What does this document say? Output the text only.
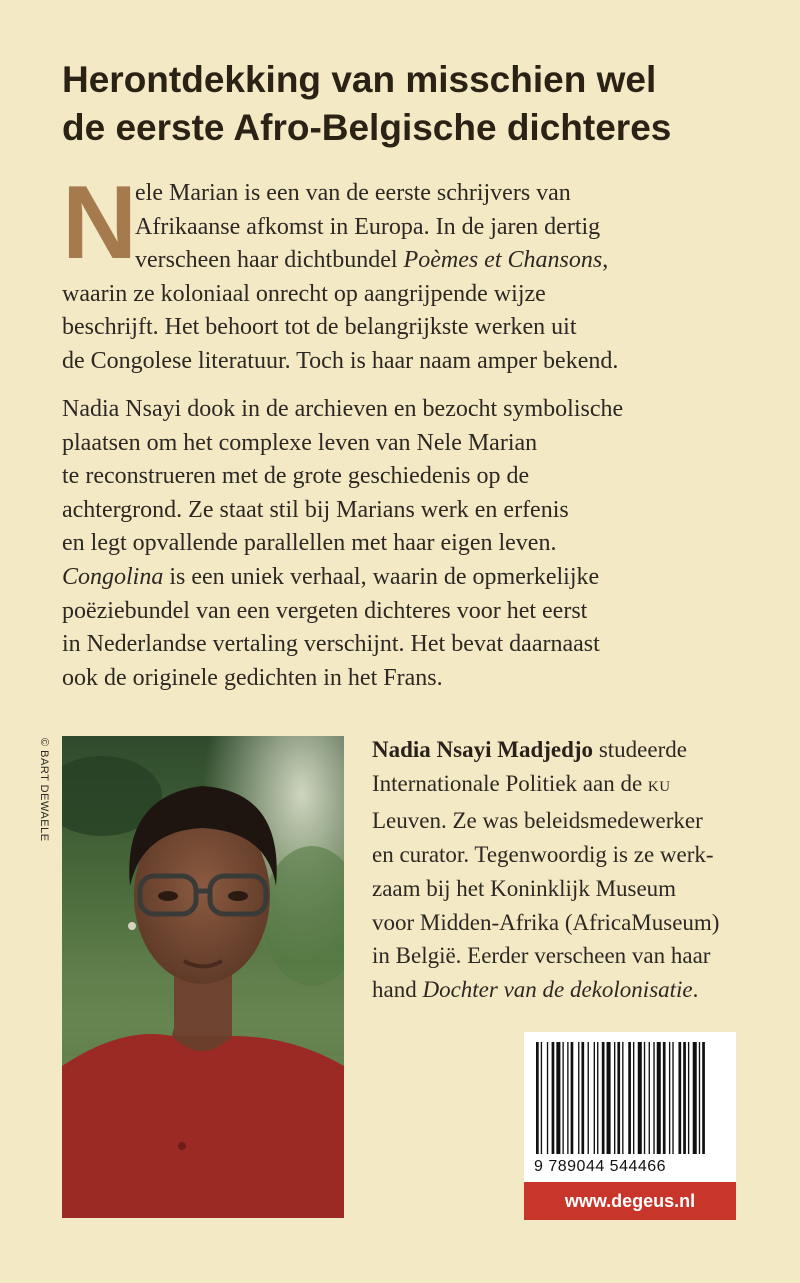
Herontdekking van misschien wel
de eerste Afro-Belgische dichteres
N

ele Marian is een van de eerste schrijvers van
Afrikaanse afkomst in Europa. In de jaren dertig
verscheen haar dichtbundel Poèmes et Chansons,
waarin ze koloniaal onrecht op aangrijpende wijze
beschrijft. Het behoort tot de belangrijkste werken uit
de Congolese literatuur. Toch is haar naam amper bekend.

Nadia Nsayi dook in de archieven en bezocht symbolische
plaatsen om het complexe leven van Nele Marian
te reconstrueren met de grote geschiedenis op de
achtergrond. Ze staat stil bij Marians werk en erfenis
en legt opvallende parallellen met haar eigen leven.

Congolina is een uniek verhaal, waarin de opmerkelijke
poëziebundel van een vergeten dichteres voor het eerst
in Nederlandse vertaling verschijnt. Het bevat daarnaast
ook de originele gedichten in het Frans.

© BART DEWAELE	Nadia Nsayi Madjedjo studeerde
Internationale Politiek aan de KU
Leuven. Ze was beleidsmedewerker
en curator. Tegenwoordig is ze werk-
zaam bij het Koninklijk Museum
voor Midden-Afrika (AfricaMuseum)
in België. Eerder verscheen van haar
hand Dochter van de dekolonisatie.
9 789044 544466
www.degeus.nl
